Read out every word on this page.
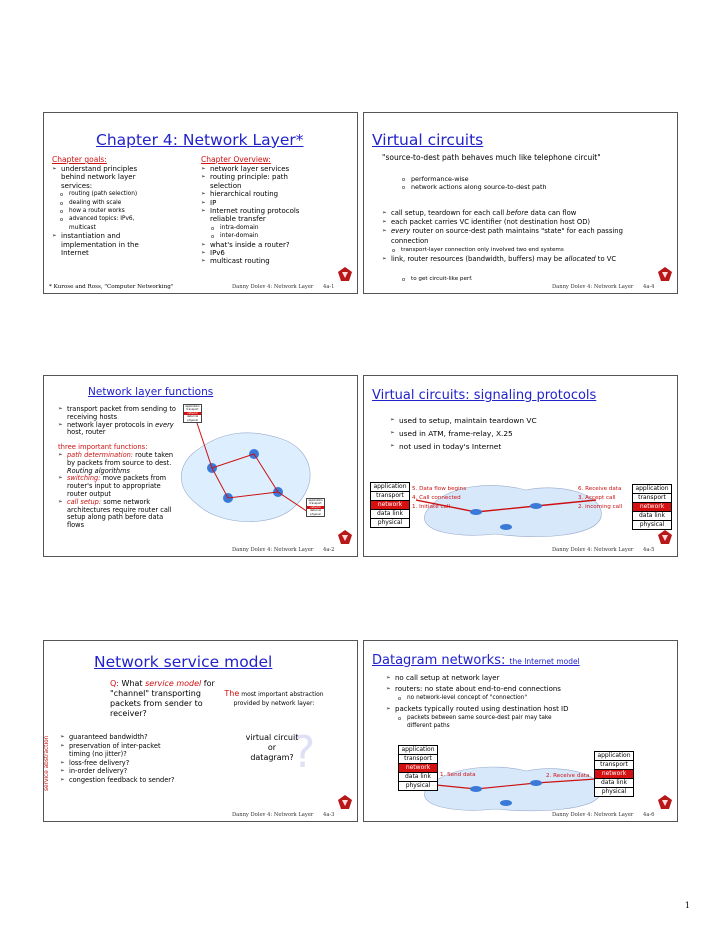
Chapter 4: Network Layer*
Chapter goals:
➢ understand principles behind network layer services:
o routing (path selection)
o dealing with scale
o how a router works
o advanced topics: IPv6, multicast
➢ instantiation and implementation in the Internet
Chapter Overview:
➢ network layer services
➢ routing principle: path selection
➢ hierarchical routing
➢ IP
➢ Internet routing protocols reliable transfer
o intra-domain
o inter-domain
➢ what's inside a router?
➢ IPv6
➢ multicast routing
* Kurose and Ross, "Computer Networking"	Danny Dolev 4: Network Layer 4a-1
Virtual circuits
"source-to-dest path behaves much like telephone circuit"
o performance-wise
o network actions along source-to-dest path
➢ call setup, teardown for each call before data can flow
➢ each packet carries VC identifier (not destination host OD)
➢ every router on source-dest path maintains "state" for each passing connection
o transport-layer connection only involved two end systems
➢ link, router resources (bandwidth, buffers) may be allocated to VC
o to get circuit-like perf.
Danny Dolev 4: Network Layer 4a-4
Network layer functions
➢ transport packet from sending to receiving hosts
➢ network layer protocols in every host, router
three important functions:
➢ path determination: route taken by packets from source to dest. Routing algorithms
➢ switching: move packets from router's input to appropriate router output
➢ call setup: some network architectures require router call setup along path before data flows
application
transport
network
data link
physical
application
transport
network
data link
physical
Danny Dolev 4: Network Layer 4a-2
Virtual circuits: signaling protocols
➢ used to setup, maintain teardown VC
➢ used in ATM, frame-relay, X.25
➢ not used in today's Internet
application
transport
network
data link
physical
application
transport
network
data link
physical
1. Initiate call	2. incoming call
3. Accept call
4. Call connected
5. Data flow begins	6. Receive data
Danny Dolev 4: Network Layer 4a-5
Network service model
Q: What service model for "channel" transporting packets from sender to receiver?
The most important abstraction provided by network layer:
?
virtual circuit
or
datagram?
service abstraction
➢	guaranteed bandwidth?
➢ preservation of inter-packet timing (no jitter)?
➢ loss-free delivery?
➢ in-order delivery?
➢ congestion feedback to sender?
Danny Dolev 4: Network Layer 4a-3
Datagram networks: the Internet model
➢ no call setup at network layer
➢ routers: no state about end-to-end connections
o no network-level concept of "connection"
➢ packets typically routed using destination host ID
o packets between same source-dest pair may take different paths
application
transport
network
data link
physical
application
transport
network
data link
physical
1. Send data	2. Receive data
Danny Dolev 4: Network Layer 4a-6
1
